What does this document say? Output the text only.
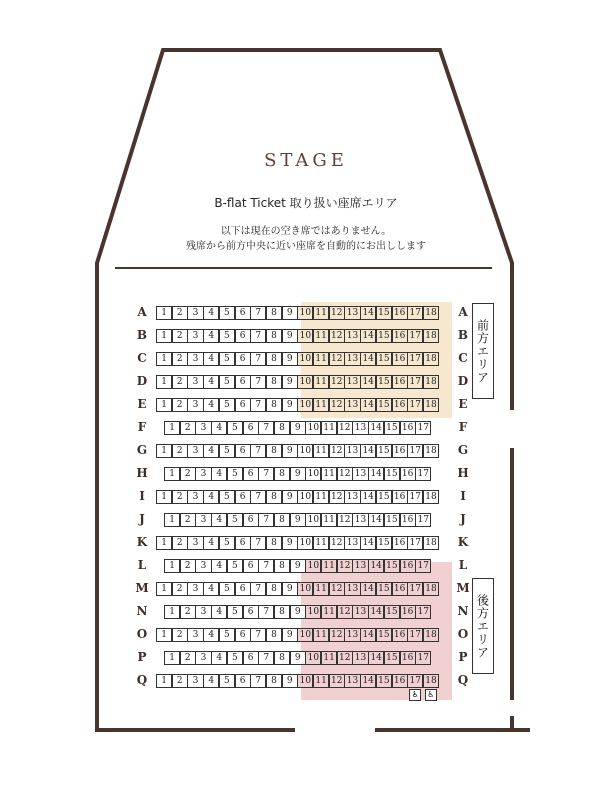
STAGE
B-flat Ticket 取り扱い座席エリア
以下は現在の空き席ではありません。
残席から前方中央に近い座席を自動的にお出しします
前方エリア
後方エリア
A	A
1	2	3	4	5	6	7	8	9 10 11 12 13 14 15 16 17 18
B	B
1	2	3	4	5	6	7	8	9 10 11 12 13 14 15 16 17 18
C	C
1	2	3	4	5	6	7	8	9 10 11 12 13 14 15 16 17 18
D	D
1	2	3	4	5	6	7	8	9 10 11 12 13 14 15 16 17 18
E	E
1	2	3	4	5	6	7	8	9 10 11 12 13 14 15 16 17 18
F	F
1	2	3	4	5	6	7	8	9 10 11 12 13 14 15 16 17
G	G
1	2	3	4	5	6	7	8	9 10 11 12 13 14 15 16 17 18
H	H
1	2	3	4	5	6	7	8	9 10 11 12 13 14 15 16 17
I	I
1	2	3	4	5	6	7	8	9 10 11 12 13 14 15 16 17 18
J	J
1	2	3	4	5	6	7	8	9 10 11 12 13 14 15 16 17
K	K
1	2	3	4	5	6	7	8	9 10 11 12 13 14 15 16 17 18
L	L
1	2	3	4	5	6	7	8	9 10 11 12 13 14 15 16 17
M	M
1	2	3	4	5	6	7	8	9 10 11 12 13 14 15 16 17 18
N	N
1	2	3	4	5	6	7	8	9 10 11 12 13 14 15 16 17
O	O
1	2	3	4	5	6	7	8	9 10 11 12 13 14 15 16 17 18
P	P
1	2	3	4	5	6	7	8	9 10 11 12 13 14 15 16 17
Q	Q
1	2	3	4	5	6	7	8	9 10 11 12 13 14 15 16 17 18
♿	♿
